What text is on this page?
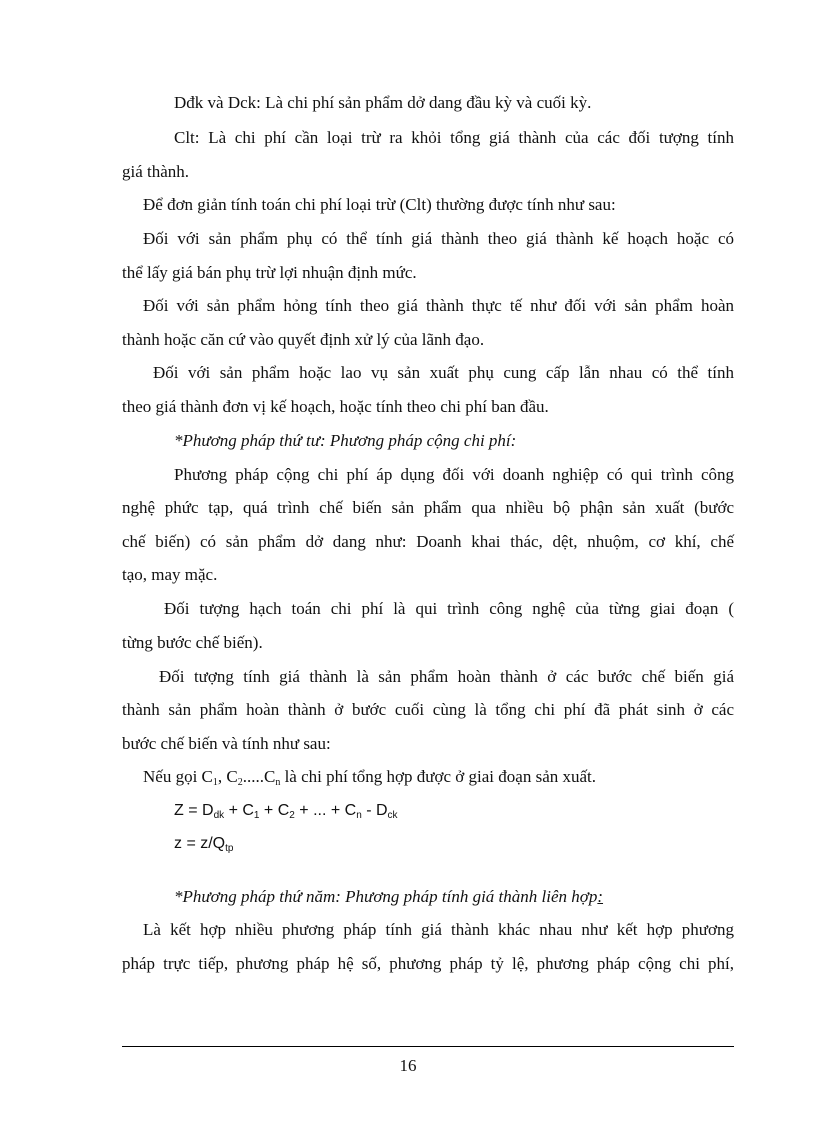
Dđk và Dck: Là chi phí sản phẩm dở dang đầu kỳ và cuối kỳ.
Clt: Là chi phí cần loại trừ ra khỏi tổng giá thành của các đối tượng tính
giá thành.
Để đơn giản tính toán chi phí loại trừ (Clt) thường được tính như sau:
Đối với sản phẩm phụ có thể tính giá thành theo giá thành kế hoạch hoặc có
thể lấy giá bán phụ trừ lợi nhuận định mức.
Đối với sản phẩm hỏng tính theo giá thành thực tế như đối với sản phẩm hoàn
thành hoặc căn cứ vào quyết định xử lý của lãnh đạo.
Đối với sản phẩm hoặc lao vụ sản xuất phụ cung cấp lẫn nhau có thể tính
theo giá thành đơn vị kế hoạch, hoặc tính theo chi phí ban đầu.
*Phương pháp thứ tư: Phương pháp cộng chi phí:
Phương pháp cộng chi phí áp dụng đối với doanh nghiệp có qui trình công
nghệ phức tạp, quá trình chế biến sản phẩm qua nhiều bộ phận sản xuất (bước
chế biến) có sản phẩm dở dang như: Doanh khai thác, dệt, nhuộm, cơ khí, chế
tạo, may mặc.
Đối tượng hạch toán chi phí là qui trình công nghệ của từng giai đoạn (
từng bước chế biến).
Đối tượng tính giá thành là sản phẩm hoàn thành ở các bước chế biến giá
thành sản phẩm hoàn thành ở bước cuối cùng là tổng chi phí đã phát sinh ở các
bước chế biến và tính như sau:
Nếu gọi $C_1$, $C_2.....C_n$ là chi phí tổng hợp được ở giai đoạn sản xuất.
$Z = D_{dk} + C_1 + C_2$ + ... + $C_n - D_{ck}$
$z = z/Q_{tp}$
*Phương pháp thứ năm: Phương pháp tính giá thành liên hợp:
Là kết hợp nhiều phương pháp tính giá thành khác nhau như kết hợp phương
pháp trực tiếp, phương pháp hệ số, phương pháp tỷ lệ, phương pháp cộng chi phí,
16
